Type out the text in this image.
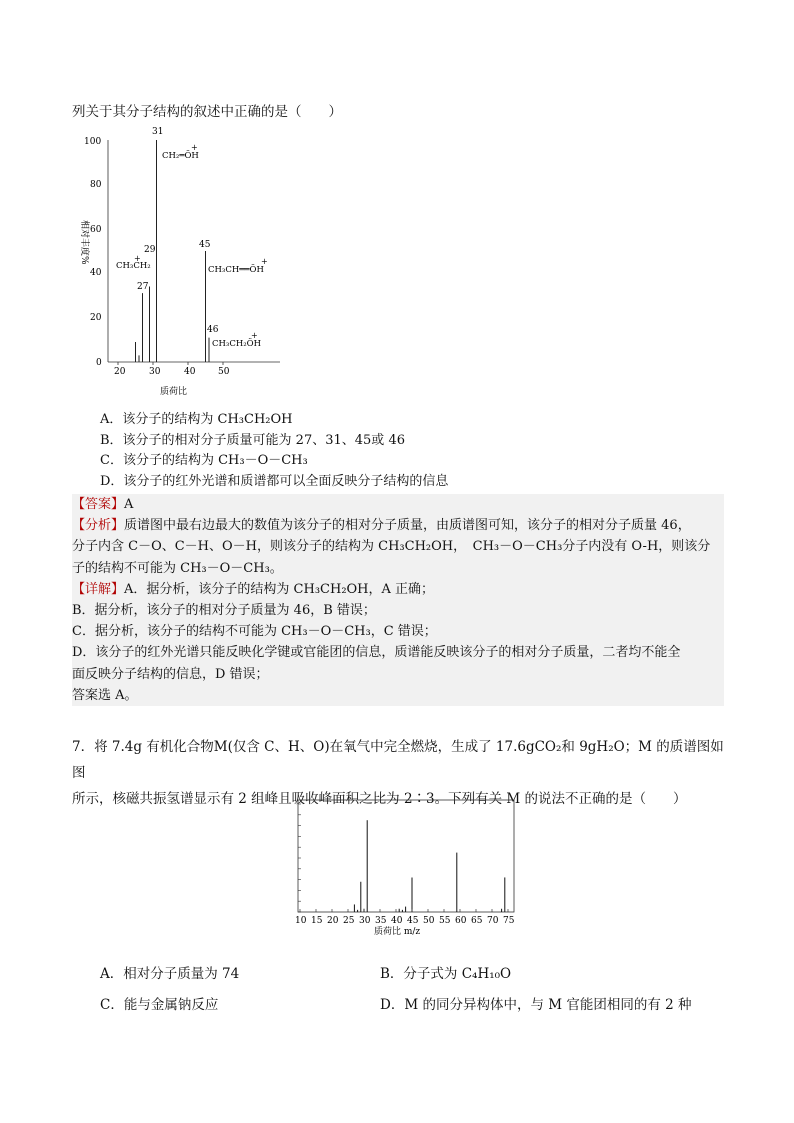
列关于其分子结构的叙述中正确的是（　　）
相对丰度%
100
80
60
40
20
0
20	30	40	50
质荷比
31
29
27
45
46
CH₂═ÖH
+
CH₃CH₂
+
CH₃CH══ÖH
+
CH₃CH₂ÖH
+
A．该分子的结构为 CH₃CH₂OH
B．该分子的相对分子质量可能为 27、31、45或 46
C．该分子的结构为 CH₃－O－CH₃
D．该分子的红外光谱和质谱都可以全面反映分子结构的信息
【答案】A
【分析】质谱图中最右边最大的数值为该分子的相对分子质量，由质谱图可知，该分子的相对分子质量 46，
分子内含 C－O、C－H、O－H，则该分子的结构为 CH₃CH₂OH，　CH₃－O－CH₃分子内没有 O-H，则该分
子的结构不可能为 CH₃－O－CH₃。
【详解】A．据分析，该分子的结构为 CH₃CH₂OH，A 正确；
B．据分析，该分子的相对分子质量为 46，B 错误；
C．据分析，该分子的结构不可能为 CH₃－O－CH₃，C 错误；
D．该分子的红外光谱只能反映化学键或官能团的信息，质谱能反映该分子的相对分子质量，二者均不能全
面反映分子结构的信息，D 错误；
答案选 A。
7．将 7.4g 有机化合物M(仅含 C、H、O)在氧气中完全燃烧，生成了 17.6gCO₂和 9gH₂O；M 的质谱图如图
所示，核磁共振氢谱显示有 2 组峰且吸收峰面积之比为 2∶3。下列有关 M 的说法不正确的是（　　）
10 15 20 25 30 35 40 45 50 55 60 65 70 75
质荷比 m/z
A．相对分子质量为 74	B．分子式为 C₄H₁₀O
C．能与金属钠反应	D．M 的同分异构体中，与 M 官能团相同的有 2 种
